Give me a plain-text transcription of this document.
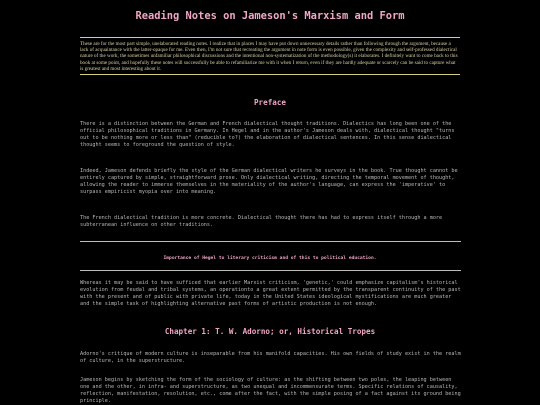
Reading Notes on Jameson's Marxism and Form
These are for the most part simple, unelaborated reading notes. I realize that in places I may have put down unnecessary details rather than following through the argument, because a lack of acquaintance with the latter-opaque for me. Even then, I'm not sure that recreating the argument in note form is even possible, given the complexity and self-professed dialectical nature of the work, the sometimes unfamiliar philosophical discussions and the intentional non-systematization of the methodology(s) it elaborates. I definitely want to come back to this book at some point, and hopefully these notes will successfully be able to refamiliarize me with it when I return, even if they are hardly adequate or scarcely can be said to capture what is greatest and most interesting about it.
Preface
There is a distinction between the German and French dialectical thought traditions. Dialectics has long been one of the official philosophical traditions in Germany. In Hegel and in the author's Jameson deals with, dialectical thought "turns out to be nothing more or less than" (reducible to?) the elaboration of dialectical sentences. In this sense dialectical thought seems to foreground the question of style.
Indeed, Jameson defends briefly the style of the German dialectical writers he surveys in the book. True thought cannot be entirely captured by simple, straightforward prose. Only dialectical writing, directing the temporal movement of thought, allowing the reader to immerse themselves in the materiality of the author's language, can express the 'imperative' to surpass empiricist myopia over into meaning.
The French dialectical tradition is more concrete. Dialectical thought there has had to express itself through a more subterranean influence on other traditions.
Importance of Hegel to literary criticism and of this to political education.
Whereas it may be said to have sufficed that earlier Marxist criticism, 'genetic,' could emphasize capitalism's historical evolution from feudal and tribal systems, an operationto a great extent permitted by the transparent continuity of the past with the present and of public with private life, today in the United States ideological mystifications are much greater and the simple task of highlighting alternative past forms of artistic production is not enough.
Chapter 1: T. W. Adorno; or, Historical Tropes
Adorno's critique of modern culture is inseparable from his manifold capacities. His own fields of study exist in the realm of culture, in the superstructure.
Jameson begins by sketching the form of the sociology of culture: as the shifting between two poles, the leaping between one and the other, in infra- and superstructure, as two unequal and incommensurate terms. Specific relations of causality, reflection, manifestation, resolution, etc., come after the fact, with the simple posing of a fact against its ground being principle.
